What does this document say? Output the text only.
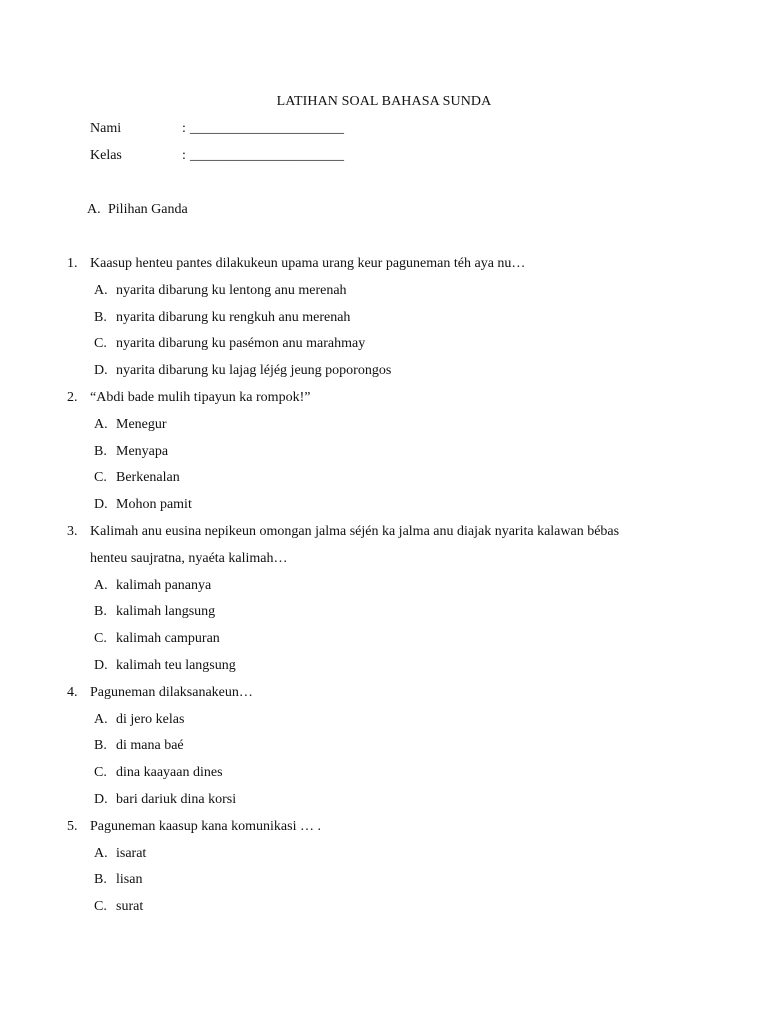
LATIHAN SOAL BAHASA SUNDA
Nami	: ______________________
Kelas	: ______________________
A. Pilihan Ganda
1. Kaasup henteu pantes dilakukeun upama urang keur paguneman téh aya nu…
A. nyarita dibarung ku lentong anu merenah
B. nyarita dibarung ku rengkuh anu merenah
C. nyarita dibarung ku pasémon anu marahmay
D. nyarita dibarung ku lajag léjég jeung poporongos
2. “Abdi bade mulih tipayun ka rompok!”
A. Menegur
B. Menyapa
C. Berkenalan
D. Mohon pamit
3. Kalimah anu eusina nepikeun omongan jalma séjén ka jalma anu diajak nyarita kalawan bébas
henteu saujratna, nyaéta kalimah…
A. kalimah pananya
B. kalimah langsung
C. kalimah campuran
D. kalimah teu langsung
4. Paguneman dilaksanakeun…
A. di jero kelas
B. di mana baé
C. dina kaayaan dines
D. bari dariuk dina korsi
5. Paguneman kaasup kana komunikasi … .
A. isarat
B. lisan
C. surat
